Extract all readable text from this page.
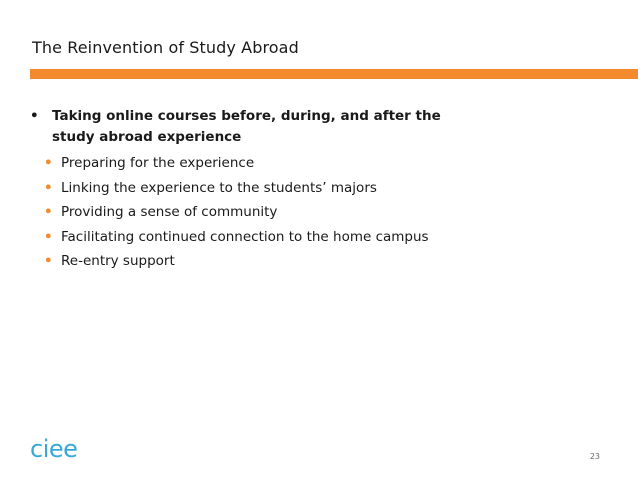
The Reinvention of Study Abroad
• Taking online courses before, during, and after the study abroad experience
• Preparing for the experience
• Linking the experience to the students’ majors
• Providing a sense of community
• Facilitating continued connection to the home campus
• Re-entry support
ciee	23
